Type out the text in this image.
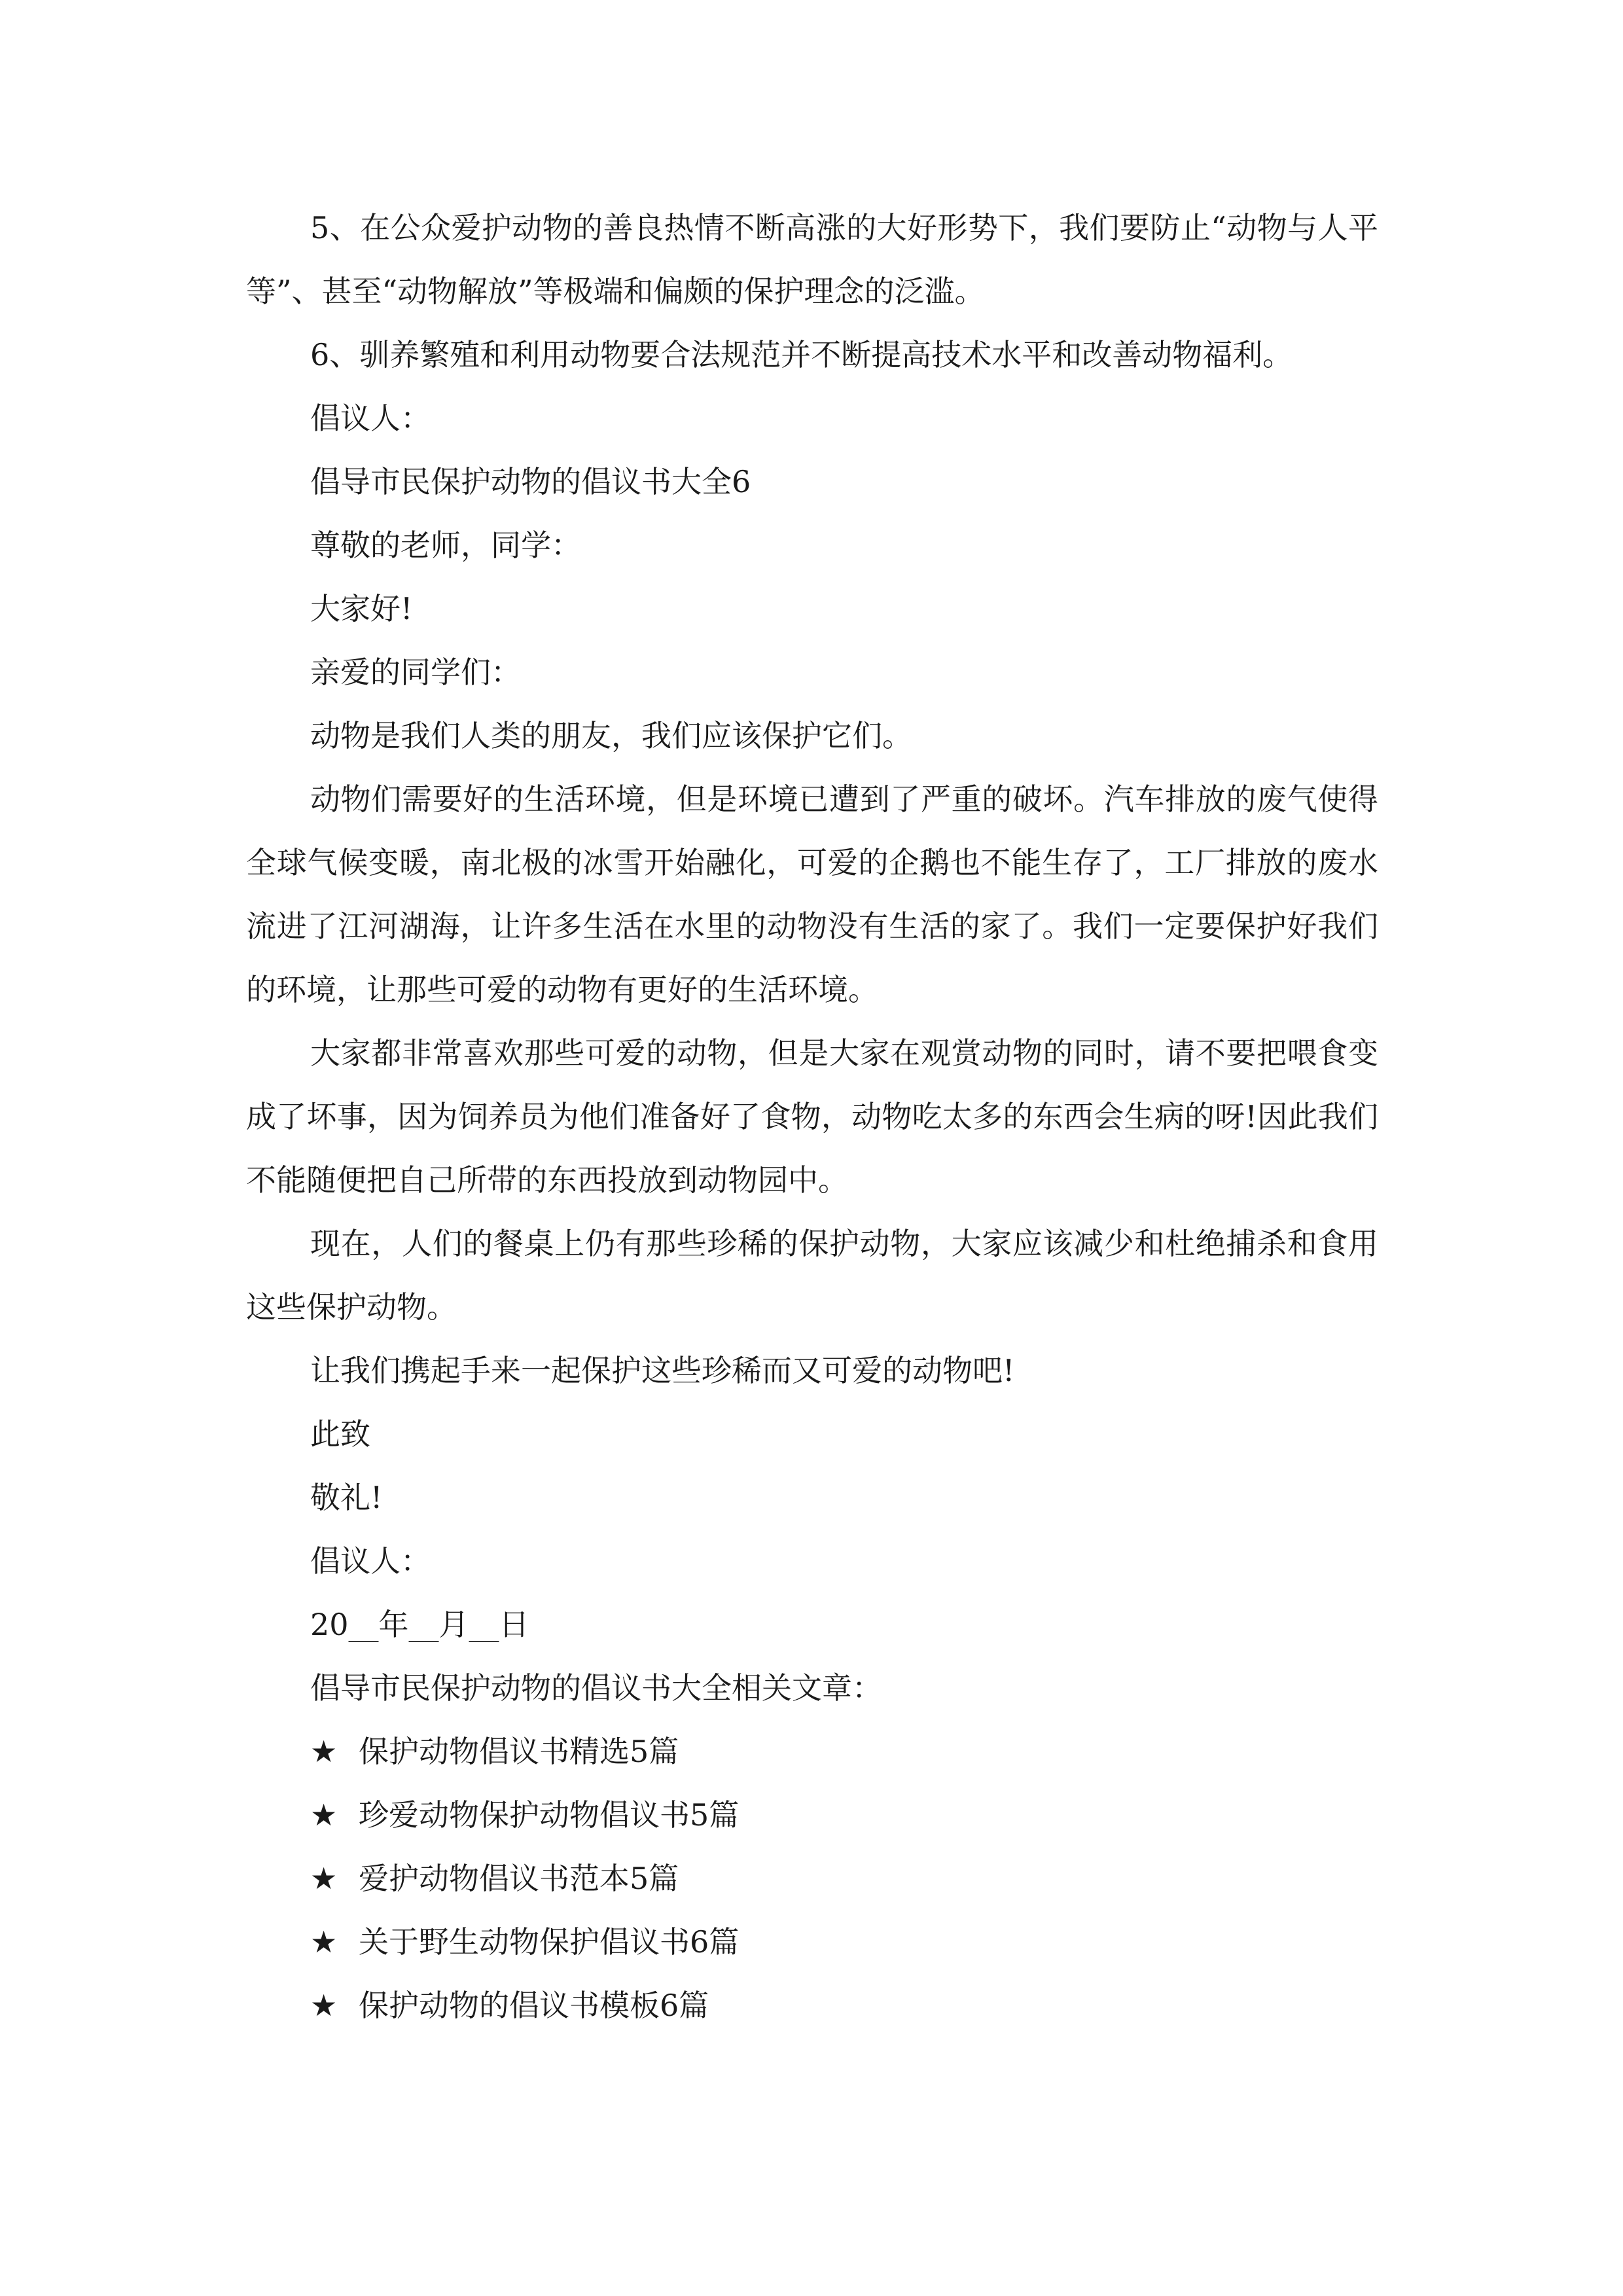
5、在公众爱护动物的善良热情不断高涨的大好形势下，我们要防止“动物与人平等”、甚至“动物解放”等极端和偏颇的保护理念的泛滥。

6、驯养繁殖和利用动物要合法规范并不断提高技术水平和改善动物福利。

倡议人：

倡导市民保护动物的倡议书大全6

尊敬的老师，同学：

大家好!

亲爱的同学们：

动物是我们人类的朋友，我们应该保护它们。

动物们需要好的生活环境，但是环境已遭到了严重的破坏。汽车排放的废气使得全球气候变暖，南北极的冰雪开始融化，可爱的企鹅也不能生存了，工厂排放的废水流进了江河湖海，让许多生活在水里的动物没有生活的家了。我们一定要保护好我们的环境，让那些可爱的动物有更好的生活环境。

大家都非常喜欢那些可爱的动物，但是大家在观赏动物的同时，请不要把喂食变成了坏事，因为饲养员为他们准备好了食物，动物吃太多的东西会生病的呀!因此我们不能随便把自己所带的东西投放到动物园中。

现在，人们的餐桌上仍有那些珍稀的保护动物，大家应该减少和杜绝捕杀和食用这些保护动物。

让我们携起手来一起保护这些珍稀而又可爱的动物吧!

此致

敬礼!

倡议人：

20__年__月__日

倡导市民保护动物的倡议书大全相关文章：

★ 保护动物倡议书精选5篇

★ 珍爱动物保护动物倡议书5篇

★ 爱护动物倡议书范本5篇

★ 关于野生动物保护倡议书6篇

★ 保护动物的倡议书模板6篇
